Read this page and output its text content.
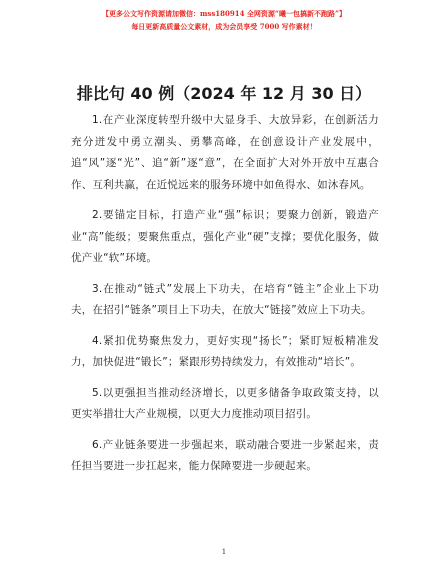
【更多公文写作资源请加微信：mss180914 全网资源“曦一包搞新不跑路”】
每日更新高质量公文素材，成为会员享受 7000 写作素材！
排比句 40 例（2024 年 12 月 30 日）

1.在产业深度转型升级中大显身手、大放异彩，在创新活力充分迸发中勇立潮头、勇攀高峰，在创意设计产业发展中，追“风”逐“光”、追“新”逐“意”，在全面扩大对外开放中互惠合作、互利共赢，在近悦远来的服务环境中如鱼得水、如沐春风。

2.要锚定目标，打造产业“强”标识；要聚力创新，锻造产业“高”能级；要聚焦重点，强化产业“硬”支撑；要优化服务，做优产业“软”环境。

3.在推动“链式”发展上下功夫，在培育“链主”企业上下功夫，在招引“链条”项目上下功夫，在放大“链接”效应上下功夫。

4.紧扣优势聚焦发力，更好实现“扬长”；紧盯短板精准发力，加快促进“锻长”；紧跟形势持续发力，有效推动“培长”。

5.以更强担当推动经济增长，以更多储备争取政策支持，以更实举措壮大产业规模，以更大力度推动项目招引。

6.产业链条要进一步强起来，联动融合要进一步紧起来，责任担当要进一步扛起来，能力保障要进一步硬起来。

1
